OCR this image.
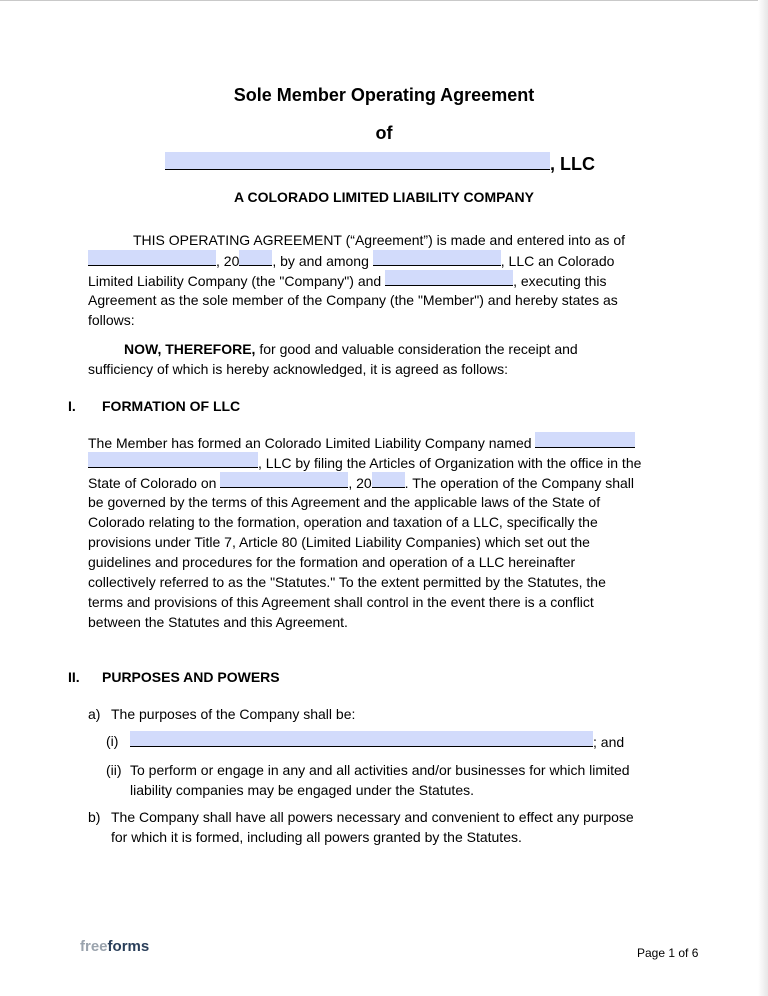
Sole Member Operating Agreement
of
, LLC
A COLORADO LIMITED LIABILITY COMPANY
THIS OPERATING AGREEMENT (“Agreement”) is made and entered into as of
, 20 , by and among	, LLC an Colorado
Limited Liability Company (the "Company") and	, executing this
Agreement as the sole member of the Company (the "Member") and hereby states as
follows:
NOW, THEREFORE, for good and valuable consideration the receipt and
sufficiency of which is hereby acknowledged, it is agreed as follows:
I. FORMATION OF LLC
The Member has formed an Colorado Limited Liability Company named
, LLC by filing the Articles of Organization with the office in the
State of Colorado on	, 20 . The operation of the Company shall
be governed by the terms of this Agreement and the applicable laws of the State of
Colorado relating to the formation, operation and taxation of a LLC, specifically the
provisions under Title 7, Article 80 (Limited Liability Companies) which set out the
guidelines and procedures for the formation and operation of a LLC hereinafter
collectively referred to as the "Statutes." To the extent permitted by the Statutes, the
terms and provisions of this Agreement shall control in the event there is a conflict
between the Statutes and this Agreement.
II. PURPOSES AND POWERS
a) The purposes of the Company shall be:
(i)	; and
(ii) To perform or engage in any and all activities and/or businesses for which limited
liability companies may be engaged under the Statutes.
b) The Company shall have all powers necessary and convenient to effect any purpose
for which it is formed, including all powers granted by the Statutes.
freeforms	Page 1 of 6
